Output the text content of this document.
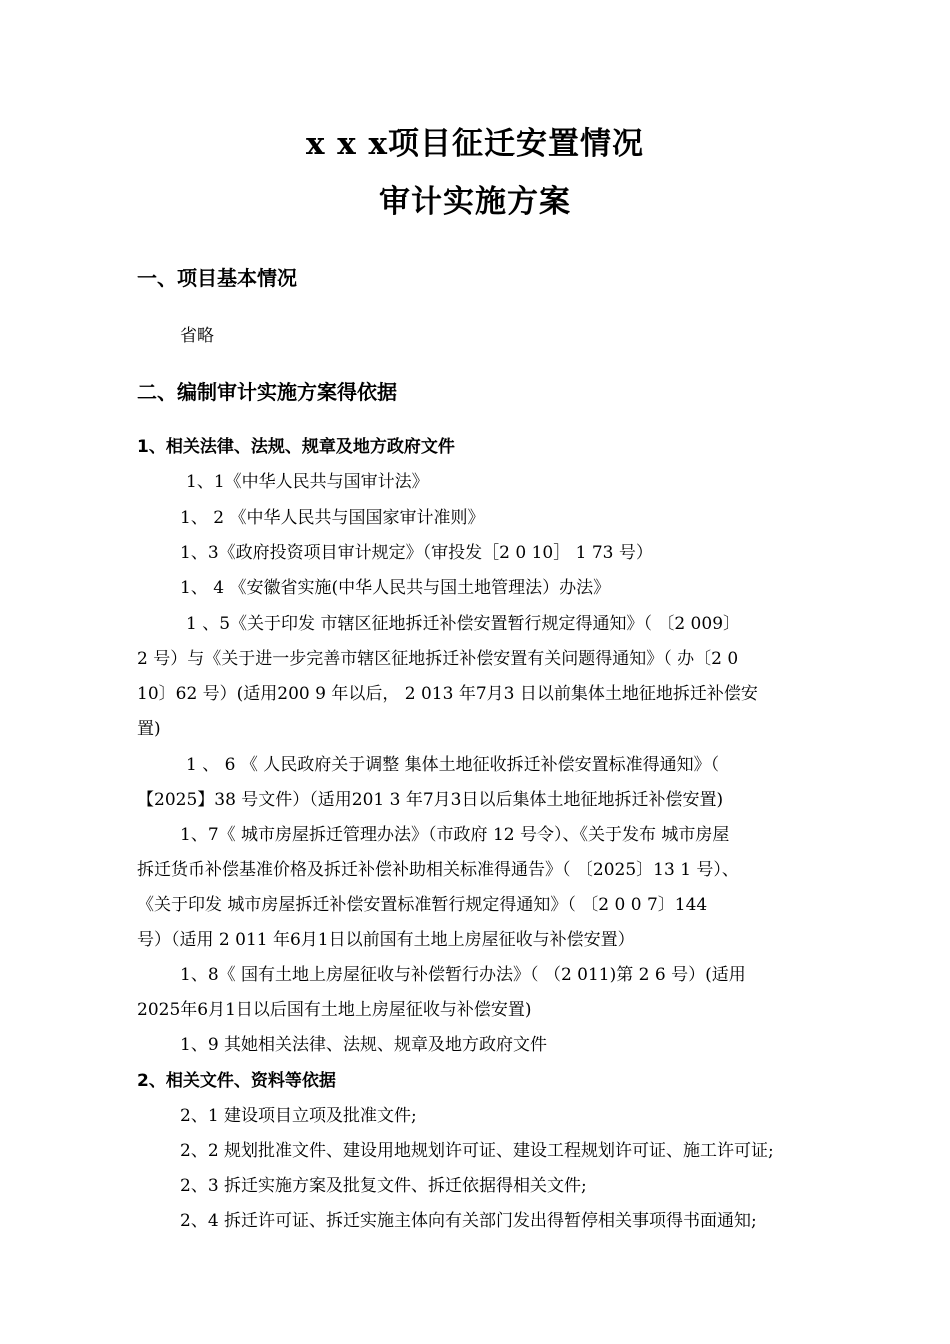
x x x项目征迁安置情况
审计实施方案
一、项目基本情况
省略
二、编制审计实施方案得依据
1、相关法律、法规、规章及地方政府文件
1、1《中华人民共与国审计法》
1、 2 《中华人民共与国国家审计准则》
1、3《政府投资项目审计规定》（审投发［2 0 10］ 1 73 号）
1、 4 《安徽省实施(中华人民共与国土地管理法）办法》
1 、5《关于印发 市辖区征地拆迁补偿安置暂行规定得通知》（ 〔2 009〕
2 号）与《关于进一步完善市辖区征地拆迁补偿安置有关问题得通知》（ 办〔2 0
10〕62 号）(适用200 9 年以后， 2 013 年7月3 日以前集体土地征地拆迁补偿安
置)
1 、 6 《 人民政府关于调整 集体土地征收拆迁补偿安置标准得通知》（
【2025】38 号文件）（适用201 3 年7月3日以后集体土地征地拆迁补偿安置)
1、7《 城市房屋拆迁管理办法》（市政府 12 号令）、《关于发布 城市房屋
拆迁货币补偿基准价格及拆迁补偿补助相关标准得通告》（ 〔2025〕13 1 号）、
《关于印发 城市房屋拆迁补偿安置标准暂行规定得通知》（ 〔2 0 0 7〕144
号）（适用 2 011 年6月1日以前国有土地上房屋征收与补偿安置）
1、8《 国有土地上房屋征收与补偿暂行办法》（ （2 011)第 2 6 号）(适用
2025年6月1日以后国有土地上房屋征收与补偿安置)
1、9 其她相关法律、法规、规章及地方政府文件
2、相关文件、资料等依据
2、1 建设项目立项及批准文件;
2、2 规划批准文件、建设用地规划许可证、建设工程规划许可证、施工许可证;
2、3 拆迁实施方案及批复文件、拆迁依据得相关文件;
2、4 拆迁许可证、拆迁实施主体向有关部门发出得暂停相关事项得书面通知;
